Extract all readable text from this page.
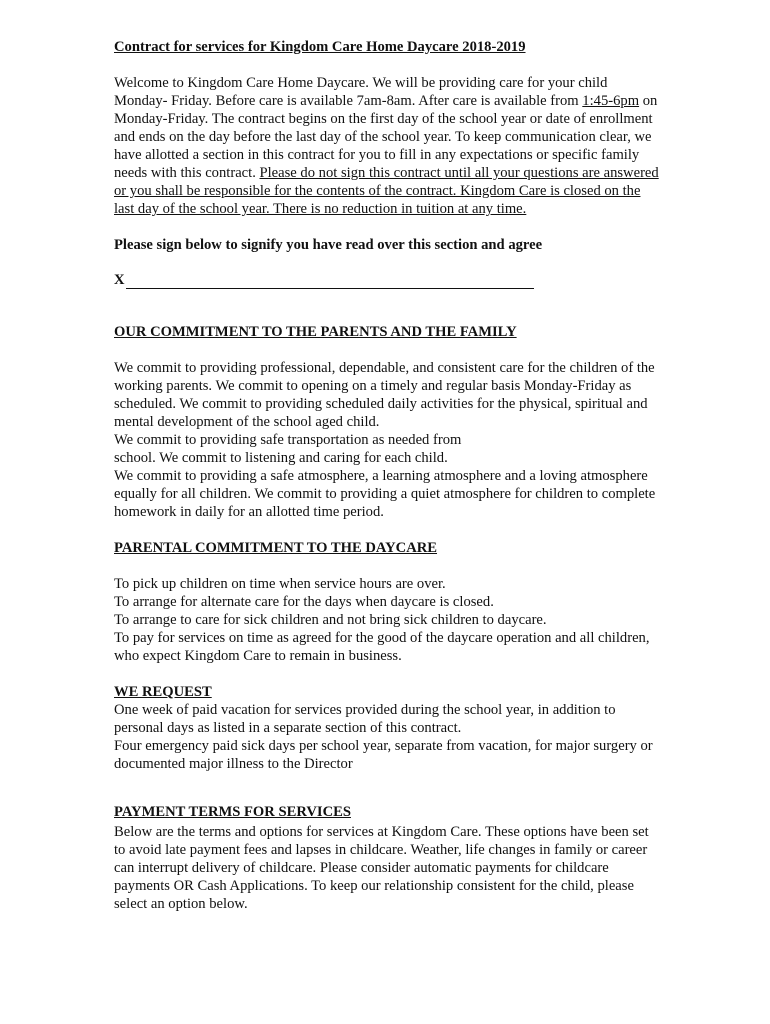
Contract for services for Kingdom Care Home Daycare 2018-2019

Welcome to Kingdom Care Home Daycare. We will be providing care for your child Monday- Friday. Before care is available 7am-8am. After care is available from 1:45-6pm on Monday-Friday. The contract begins on the first day of the school year or date of enrollment and ends on the day before the last day of the school year. To keep communication clear, we have allotted a section in this contract for you to fill in any expectations or specific family needs with this contract. Please do not sign this contract until all your questions are answered or you shall be responsible for the contents of the contract. Kingdom Care is closed on the last day of the school year. There is no reduction in tuition at any time.

Please sign below to signify you have read over this section and agree

X

OUR COMMITMENT TO THE PARENTS AND THE FAMILY

We commit to providing professional, dependable, and consistent care for the children of the working parents. We commit to opening on a timely and regular basis Monday-Friday as scheduled. We commit to providing scheduled daily activities for the physical, spiritual and mental development of the school aged child.

We commit to providing safe transportation as needed from

school. We commit to listening and caring for each child.

We commit to providing a safe atmosphere, a learning atmosphere and a loving atmosphere equally for all children. We commit to providing a quiet atmosphere for children to complete homework in daily for an allotted time period.

PARENTAL COMMITMENT TO THE DAYCARE

To pick up children on time when service hours are over.

To arrange for alternate care for the days when daycare is closed.

To arrange to care for sick children and not bring sick children to daycare.

To pay for services on time as agreed for the good of the daycare operation and all children, who expect Kingdom Care to remain in business.

WE REQUEST

One week of paid vacation for services provided during the school year, in addition to personal days as listed in a separate section of this contract.

Four emergency paid sick days per school year, separate from vacation, for major surgery or documented major illness to the Director

PAYMENT TERMS FOR SERVICES

Below are the terms and options for services at Kingdom Care. These options have been set to avoid late payment fees and lapses in childcare. Weather, life changes in family or career can interrupt delivery of childcare. Please consider automatic payments for childcare payments OR Cash Applications. To keep our relationship consistent for the child, please select an option below.
